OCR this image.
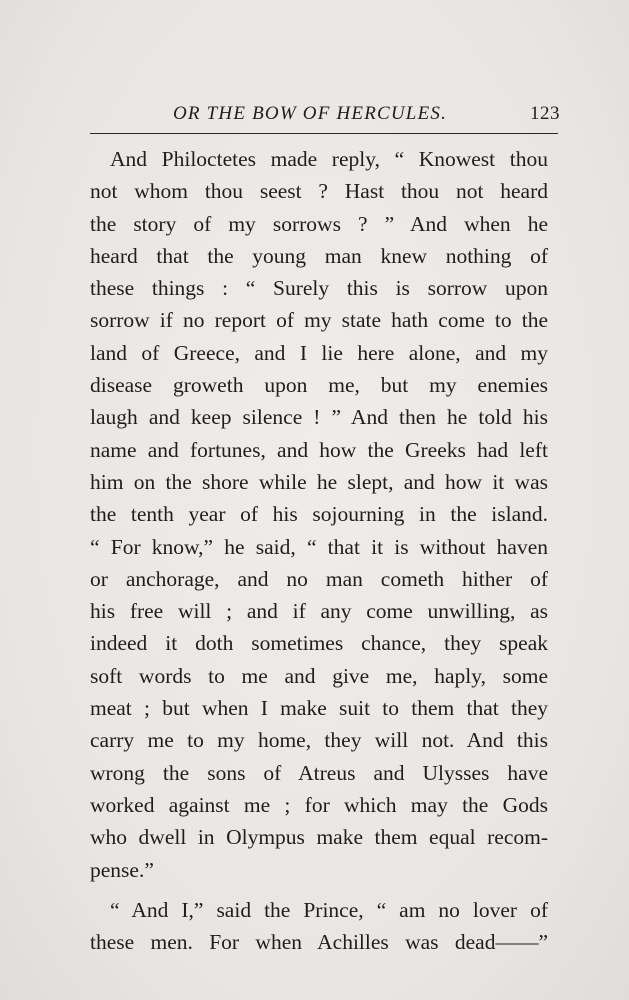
OR THE BOW OF HERCULES.	123
And Philoctetes made reply, “ Knowest thou
not whom thou seest ? Hast thou not heard
the story of my sorrows ? ” And when he
heard that the young man knew nothing of
these things : “ Surely this is sorrow upon
sorrow if no report of my state hath come to the
land of Greece, and I lie here alone, and my
disease groweth upon me, but my enemies
laugh and keep silence ! ” And then he told his
name and fortunes, and how the Greeks had left
him on the shore while he slept, and how it was
the tenth year of his sojourning in the island.
“ For know,” he said, “ that it is without haven
or anchorage, and no man cometh hither of
his free will ; and if any come unwilling, as
indeed it doth sometimes chance, they speak
soft words to me and give me, haply, some
meat ; but when I make suit to them that they
carry me to my home, they will not. And this
wrong the sons of Atreus and Ulysses have
worked against me ; for which may the Gods
who dwell in Olympus make them equal recom-
pense.”
“ And I,” said the Prince, “ am no lover of
these men. For when Achilles was dead——”
